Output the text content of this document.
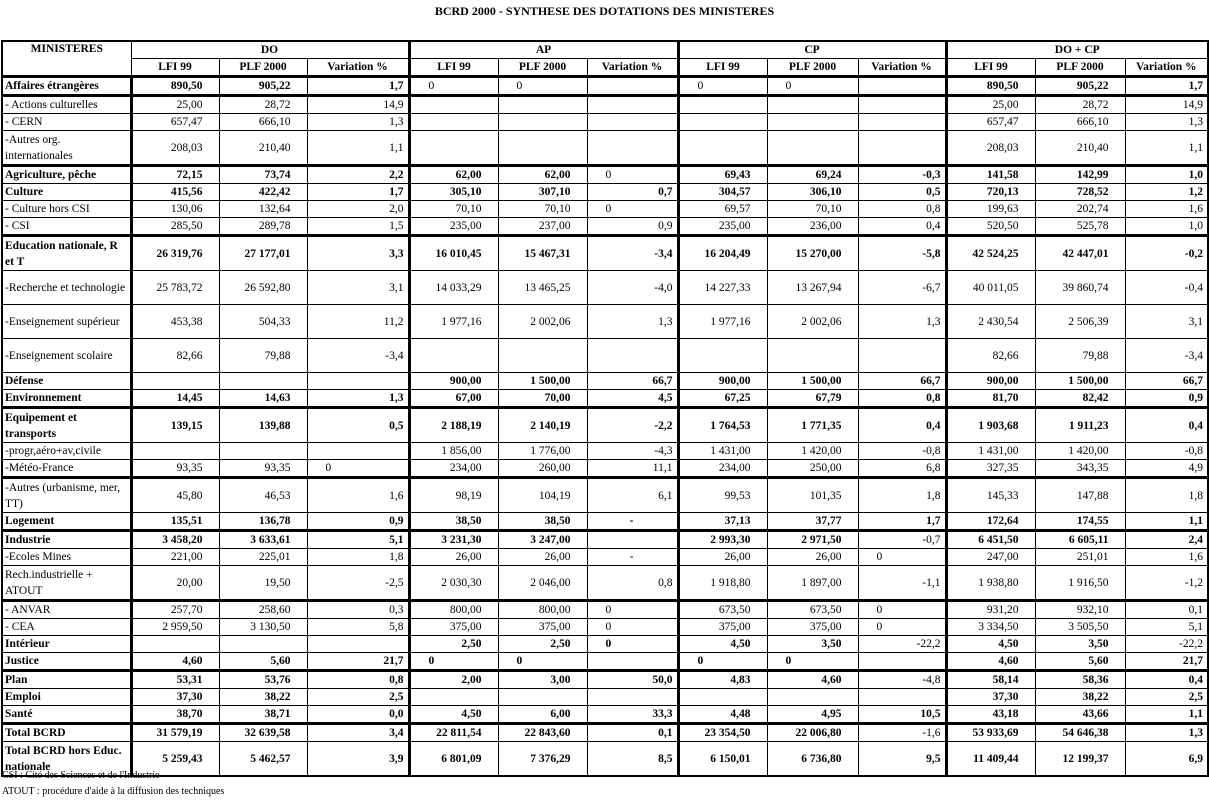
BCRD 2000 - SYNTHESE DES DOTATIONS DES MINISTERES
MINISTERES	DO			AP			CP			DO + CP		
	LFI 99	PLF 2000	Variation %	LFI 99	PLF 2000	Variation %	LFI 99	PLF 2000	Variation %	LFI 99	PLF 2000	Variation %
Affaires étrangères	890,50	905,22	1,7	0	0		0	0		890,50	905,22	1,7
- Actions culturelles	25,00	28,72	14,9							25,00	28,72	14,9
- CERN	657,47	666,10	1,3							657,47	666,10	1,3
-Autres org. internationales	208,03	210,40	1,1							208,03	210,40	1,1
Agriculture, pêche	72,15	73,74	2,2	62,00	62,00	0	69,43	69,24	-0,3	141,58	142,99	1,0
Culture	415,56	422,42	1,7	305,10	307,10	0,7	304,57	306,10	0,5	720,13	728,52	1,2
- Culture hors CSI	130,06	132,64	2,0	70,10	70,10	0	69,57	70,10	0,8	199,63	202,74	1,6
- CSI	285,50	289,78	1,5	235,00	237,00	0,9	235,00	236,00	0,4	520,50	525,78	1,0
Education nationale, R et T	26 319,76	27 177,01	3,3	16 010,45	15 467,31	-3,4	16 204,49	15 270,00	-5,8	42 524,25	42 447,01	-0,2
-Recherche et technologie	25 783,72	26 592,80	3,1	14 033,29	13 465,25	-4,0	14 227,33	13 267,94	-6,7	40 011,05	39 860,74	-0,4
-Enseignement supérieur	453,38	504,33	11,2	1 977,16	2 002,06	1,3	1 977,16	2 002,06	1,3	2 430,54	2 506,39	3,1
-Enseignement scolaire	82,66	79,88	-3,4							82,66	79,88	-3,4
Défense				900,00	1 500,00	66,7	900,00	1 500,00	66,7	900,00	1 500,00	66,7
Environnement	14,45	14,63	1,3	67,00	70,00	4,5	67,25	67,79	0,8	81,70	82,42	0,9
Equipement et transports	139,15	139,88	0,5	2 188,19	2 140,19	-2,2	1 764,53	1 771,35	0,4	1 903,68	1 911,23	0,4
-progr,aéro+av,civile				1 856,00	1 776,00	-4,3	1 431,00	1 420,00	-0,8	1 431,00	1 420,00	-0,8
-Météo-France	93,35	93,35	0	234,00	260,00	11,1	234,00	250,00	6,8	327,35	343,35	4,9
-Autres (urbanisme, mer, TT)	45,80	46,53	1,6	98,19	104,19	6,1	99,53	101,35	1,8	145,33	147,88	1,8
Logement	135,51	136,78	0,9	38,50	38,50	-	37,13	37,77	1,7	172,64	174,55	1,1
Industrie	3 458,20	3 633,61	5,1	3 231,30	3 247,00		2 993,30	2 971,50	-0,7	6 451,50	6 605,11	2,4
-Ecoles Mines	221,00	225,01	1,8	26,00	26,00	-	26,00	26,00	0	247,00	251,01	1,6
Rech.industrielle + ATOUT	20,00	19,50	-2,5	2 030,30	2 046,00	0,8	1 918,80	1 897,00	-1,1	1 938,80	1 916,50	-1,2
- ANVAR	257,70	258,60	0,3	800,00	800,00	0	673,50	673,50	0	931,20	932,10	0,1
- CEA	2 959,50	3 130,50	5,8	375,00	375,00	0	375,00	375,00	0	3 334,50	3 505,50	5,1
Intérieur				2,50	2,50	0	4,50	3,50	-22,2	4,50	3,50	-22,2
Justice	4,60	5,60	21,7	0	0		0	0		4,60	5,60	21,7
Plan	53,31	53,76	0,8	2,00	3,00	50,0	4,83	4,60	-4,8	58,14	58,36	0,4
Emploi	37,30	38,22	2,5							37,30	38,22	2,5
Santé	38,70	38,71	0,0	4,50	6,00	33,3	4,48	4,95	10,5	43,18	43,66	1,1
Total BCRD	31 579,19	32 639,58	3,4	22 811,54	22 843,60	0,1	23 354,50	22 006,80	-1,6	53 933,69	54 646,38	1,3
Total BCRD hors Educ. nationale	5 259,43	5 462,57	3,9	6 801,09	7 376,29	8,5	6 150,01	6 736,80	9,5	11 409,44	12 199,37	6,9
CSI : Cité des Sciences et de l'Industrie
ATOUT : procédure d'aide à la diffusion des techniques
